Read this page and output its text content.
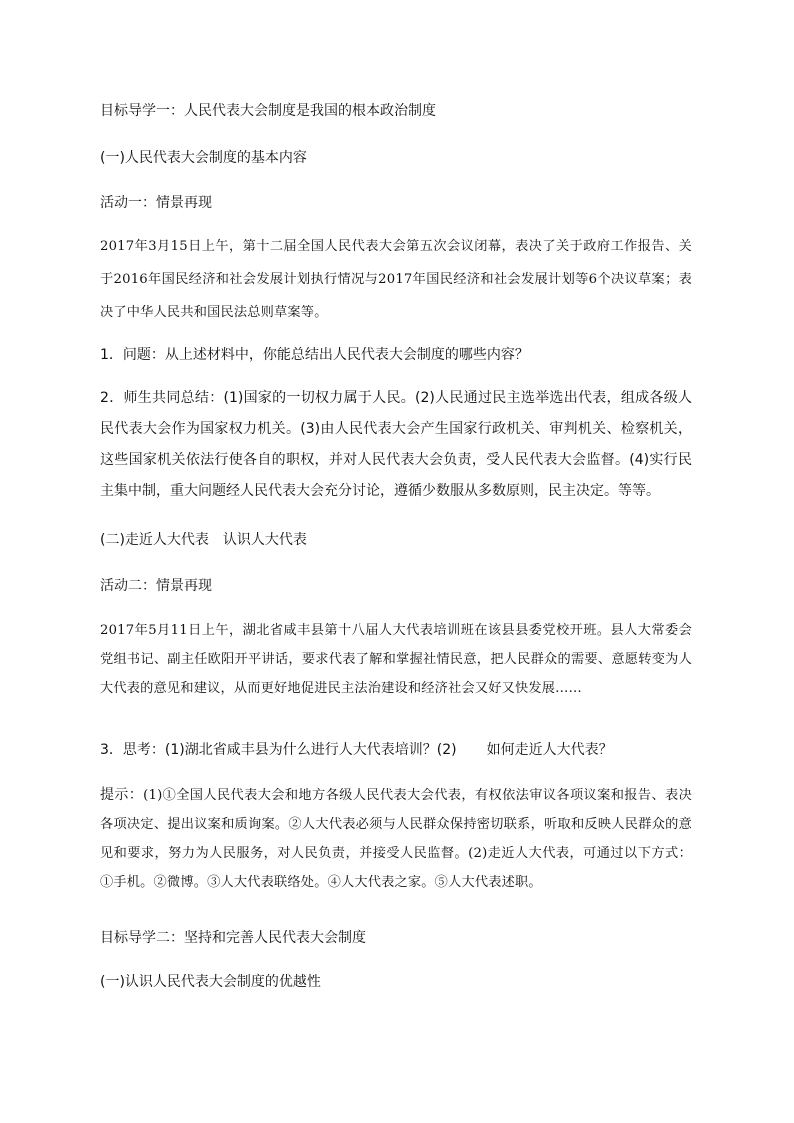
目标导学一：人民代表大会制度是我国的根本政治制度
(一)人民代表大会制度的基本内容
活动一：情景再现
2017年3月15日上午，第十二届全国人民代表大会第五次会议闭幕，表决了关于政府工作报告、关于2016年国民经济和社会发展计划执行情况与2017年国民经济和社会发展计划等6个决议草案；表决了中华人民共和国民法总则草案等。
1．问题：从上述材料中，你能总结出人民代表大会制度的哪些内容？
2．师生共同总结：(1)国家的一切权力属于人民。(2)人民通过民主选举选出代表，组成各级人民代表大会作为国家权力机关。(3)由人民代表大会产生国家行政机关、审判机关、检察机关，这些国家机关依法行使各自的职权，并对人民代表大会负责，受人民代表大会监督。(4)实行民主集中制，重大问题经人民代表大会充分讨论，遵循少数服从多数原则，民主决定。等等。
(二)走近人大代表　认识人大代表
活动二：情景再现
2017年5月11日上午，湖北省咸丰县第十八届人大代表培训班在该县县委党校开班。县人大常委会党组书记、副主任欧阳开平讲话，要求代表了解和掌握社情民意，把人民群众的需要、意愿转变为人大代表的意见和建议，从而更好地促进民主法治建设和经济社会又好又快发展……
3．思考：(1)湖北省咸丰县为什么进行人大代表培训？(2) 如何走近人大代表？
提示：(1)①全国人民代表大会和地方各级人民代表大会代表，有权依法审议各项议案和报告、表决各项决定、提出议案和质询案。②人大代表必须与人民群众保持密切联系，听取和反映人民群众的意见和要求，努力为人民服务，对人民负责，并接受人民监督。(2)走近人大代表，可通过以下方式：①手机。②微博。③人大代表联络处。④人大代表之家。⑤人大代表述职。
目标导学二：坚持和完善人民代表大会制度
(一)认识人民代表大会制度的优越性
